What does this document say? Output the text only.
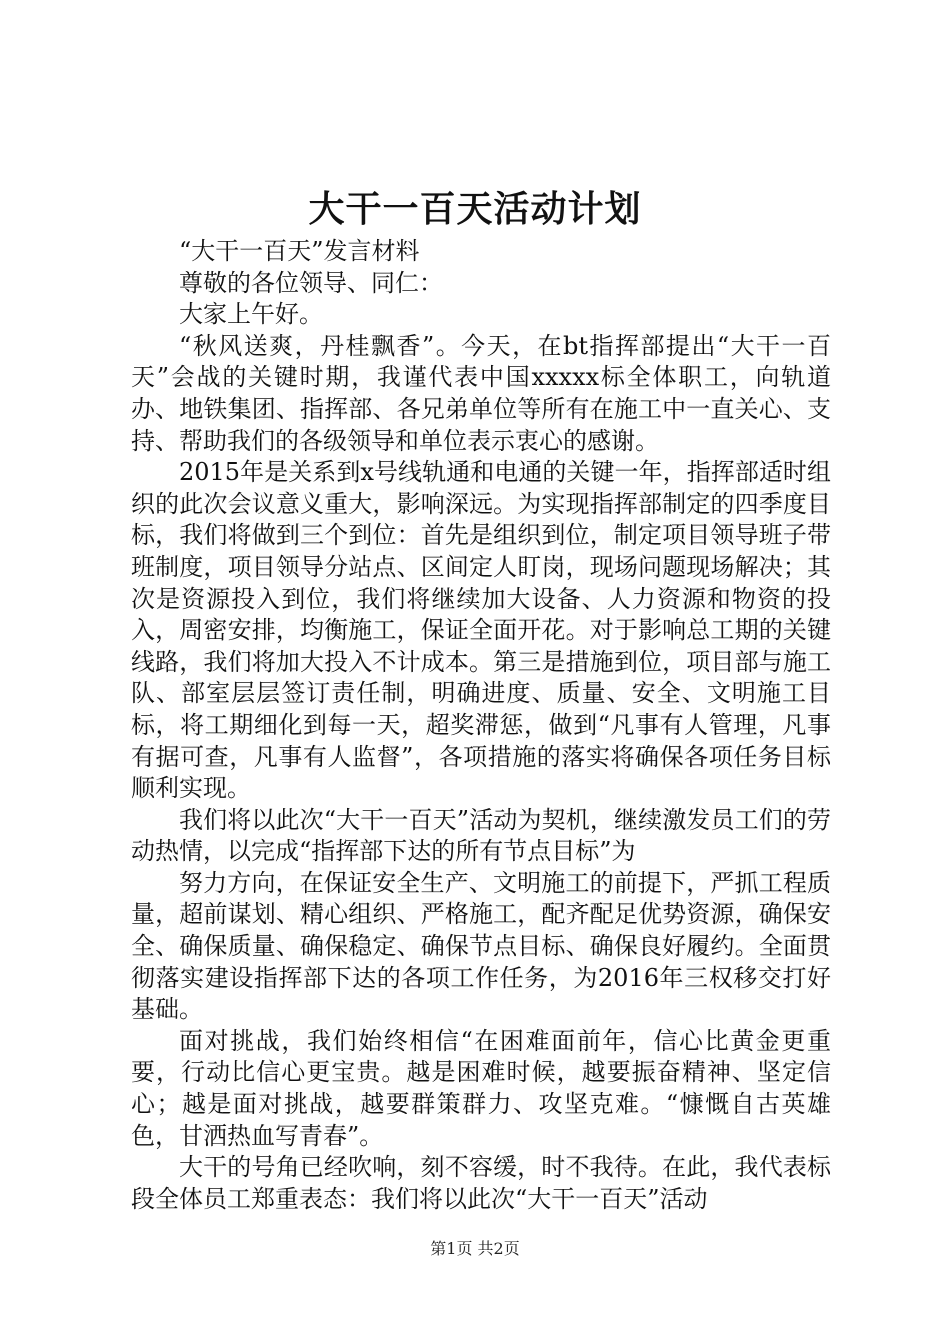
大干一百天活动计划

“大干一百天”发言材料

尊敬的各位领导、同仁：

大家上午好。

“秋风送爽，丹桂飘香”。今天，在bt指挥部提出“大干一百天”会战的关键时期，我谨代表中国xxxxx标全体职工，向轨道办、地铁集团、指挥部、各兄弟单位等所有在施工中一直关心、支持、帮助我们的各级领导和单位表示衷心的感谢。

2015年是关系到x号线轨通和电通的关键一年，指挥部适时组织的此次会议意义重大，影响深远。为实现指挥部制定的四季度目标，我们将做到三个到位：首先是组织到位，制定项目领导班子带班制度，项目领导分站点、区间定人盯岗，现场问题现场解决；其次是资源投入到位，我们将继续加大设备、人力资源和物资的投入，周密安排，均衡施工，保证全面开花。对于影响总工期的关键线路，我们将加大投入不计成本。第三是措施到位，项目部与施工队、部室层层签订责任制，明确进度、质量、安全、文明施工目标，将工期细化到每一天，超奖滞惩，做到“凡事有人管理，凡事有据可查，凡事有人监督”，各项措施的落实将确保各项任务目标顺利实现。

我们将以此次“大干一百天”活动为契机，继续激发员工们的劳动热情，以完成“指挥部下达的所有节点目标”为

努力方向，在保证安全生产、文明施工的前提下，严抓工程质量，超前谋划、精心组织、严格施工，配齐配足优势资源，确保安全、确保质量、确保稳定、确保节点目标、确保良好履约。全面贯彻落实建设指挥部下达的各项工作任务，为2016年三权移交打好基础。

面对挑战，我们始终相信“在困难面前年，信心比黄金更重要，行动比信心更宝贵。越是困难时候，越要振奋精神、坚定信心；越是面对挑战，越要群策群力、攻坚克难。“慷慨自古英雄色，甘洒热血写青春”。

大干的号角已经吹响，刻不容缓，时不我待。在此，我代表标段全体员工郑重表态：我们将以此次“大干一百天”活动

第1页 共2页
